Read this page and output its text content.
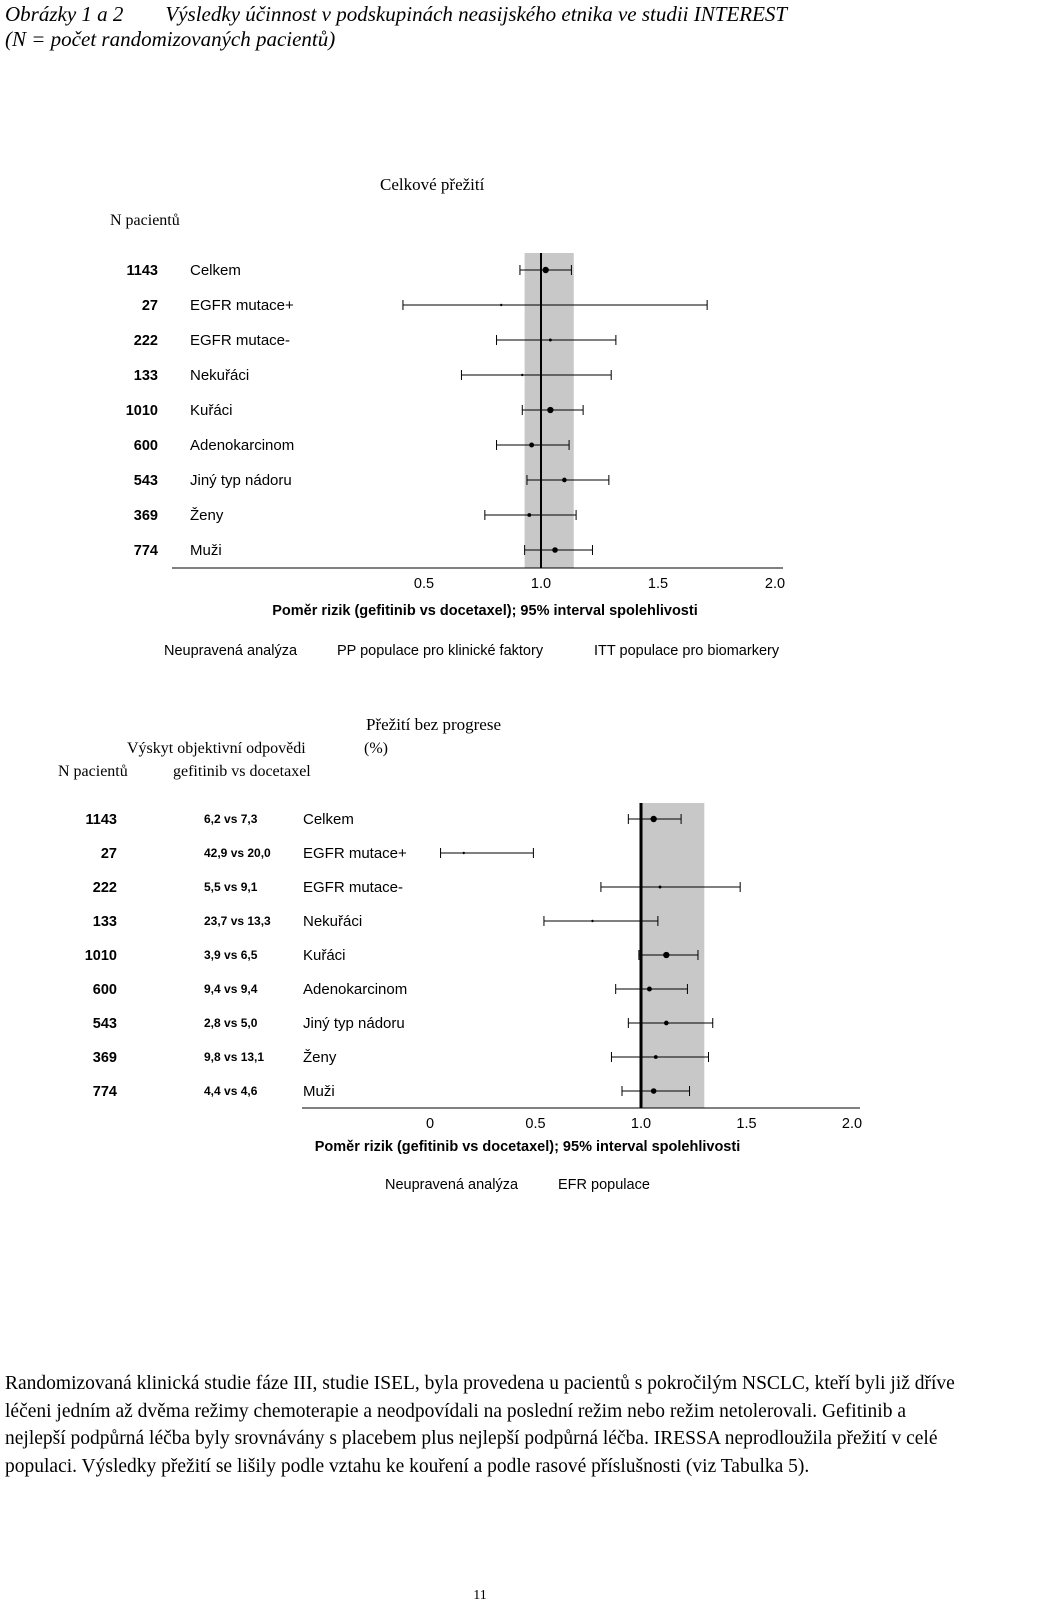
Obrázky 1 a 2 Výsledky účinnost v podskupinách neasijského etnika ve studii INTEREST
(N = počet randomizovaných pacientů)
Celkové přežití
N pacientů
0.5	1.0	1.5	2.0
1143 Celkem
27 EGFR mutace+
222 EGFR mutace-
133 Nekuřáci
1010 Kuřáci
600 Adenokarcinom
543 Jiný typ nádoru
369 Ženy
774 Muži
Poměr rizik (gefitinib vs docetaxel); 95% interval spolehlivosti
Neupravená analýza	PP populace pro klinické faktory	ITT populace pro biomarkery
Přežití bez progrese
Výskyt objektivní odpovědi	(%)
N pacientů	gefitinib vs docetaxel
0	0.5	1.0	1.5	2.0
1143	6,2 vs 7,3	Celkem
27	42,9 vs 20,0 EGFR mutace+
222	5,5 vs 9,1	EGFR mutace-
133	23,7 vs 13,3 Nekuřáci
1010	3,9 vs 6,5	Kuřáci
600	9,4 vs 9,4	Adenokarcinom
543	2,8 vs 5,0	Jiný typ nádoru
369	9,8 vs 13,1	Ženy
774	4,4 vs 4,6	Muži
Poměr rizik (gefitinib vs docetaxel); 95% interval spolehlivosti
Neupravená analýza	EFR populace
Randomizovaná klinická studie fáze III, studie ISEL, byla provedena u pacientů s pokročilým NSCLC, kteří byli již dříve léčeni jedním až dvěma režimy chemoterapie a neodpovídali na poslední režim nebo režim netolerovali. Gefitinib a nejlepší podpůrná léčba byly srovnávány s placebem plus nejlepší podpůrná léčba. IRESSA neprodloužila přežití v celé populaci. Výsledky přežití se lišily podle vztahu ke kouření a podle rasové příslušnosti (viz Tabulka 5).
11
